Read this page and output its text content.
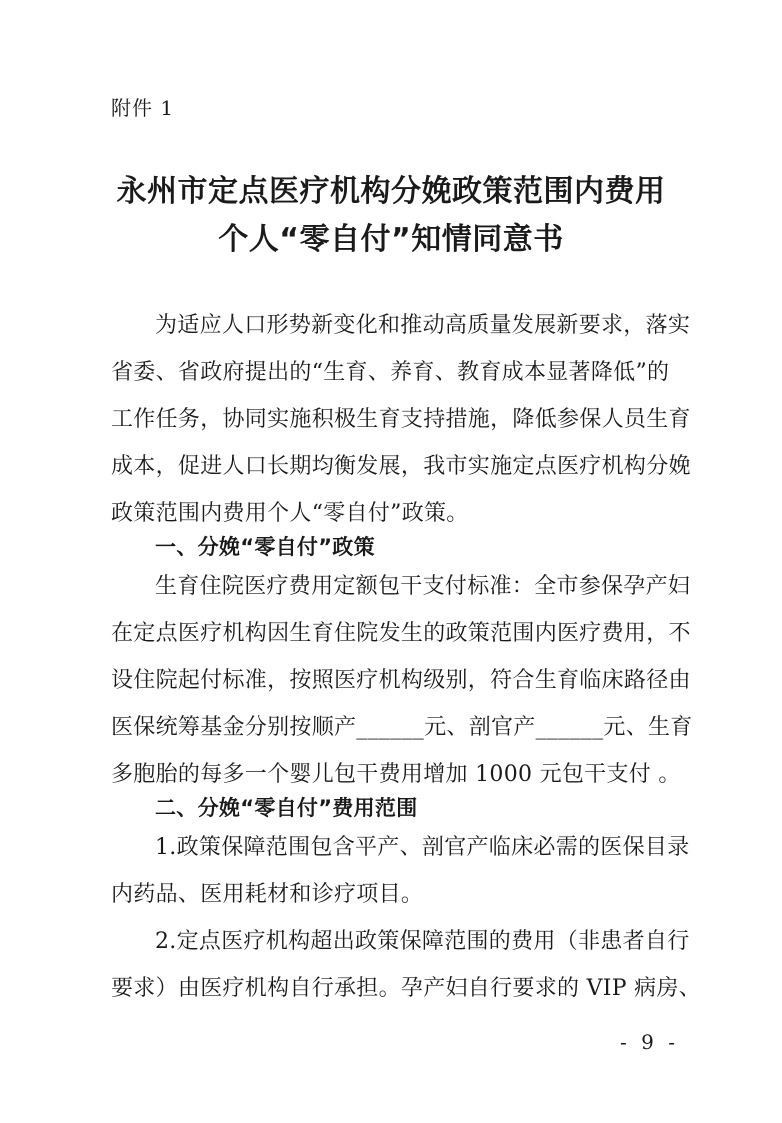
附件 1
永州市定点医疗机构分娩政策范围内费用
个人“零自付”知情同意书
为适应人口形势新变化和推动高质量发展新要求，落实
省委、省政府提出的“生育、养育、教育成本显著降低”的
工作任务，协同实施积极生育支持措施，降低参保人员生育
成本，促进人口长期均衡发展，我市实施定点医疗机构分娩
政策范围内费用个人“零自付”政策。
一、分娩“零自付”政策
生育住院医疗费用定额包干支付标准：全市参保孕产妇
在定点医疗机构因生育住院发生的政策范围内医疗费用，不
设住院起付标准，按照医疗机构级别，符合生育临床路径由
医保统筹基金分别按顺产______元、剖官产______元、生育
多胞胎的每多一个婴儿包干费用增加 1000 元包干支付 。
二、分娩“零自付”费用范围
1.政策保障范围包含平产、剖官产临床必需的医保目录
内药品、医用耗材和诊疗项目。
2.定点医疗机构超出政策保障范围的费用（非患者自行
要求）由医疗机构自行承担。孕产妇自行要求的 VIP 病房、
- 9 -
